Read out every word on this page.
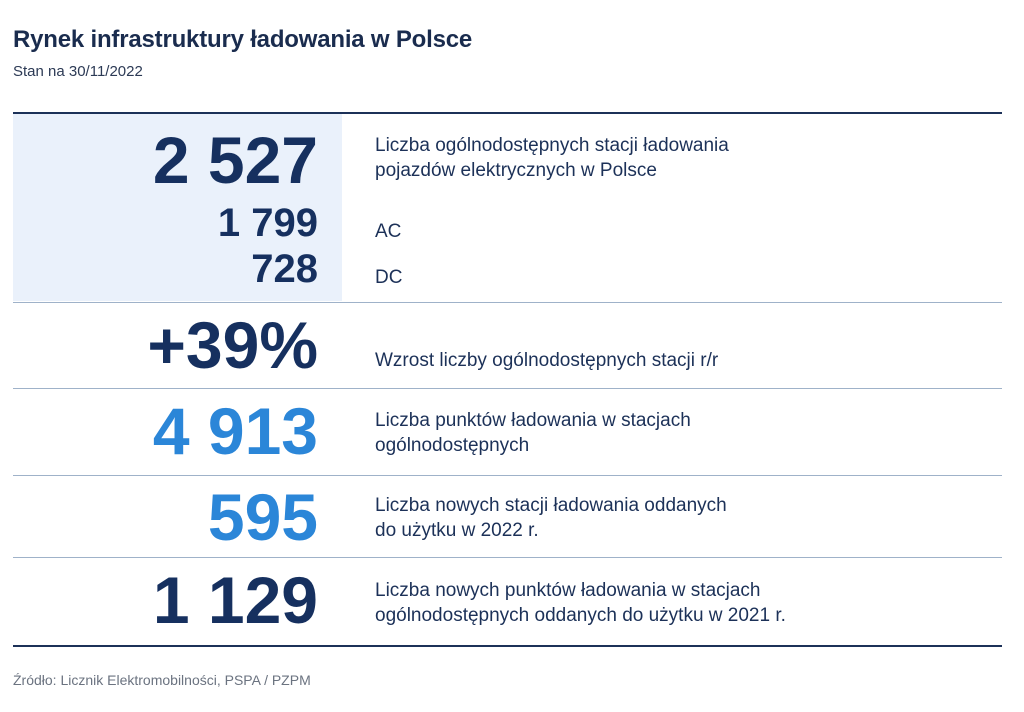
Rynek infrastruktury ładowania w Polsce
Stan na 30/11/2022
2 527	Liczba ogólnodostępnych stacji ładowania
pojazdów elektrycznych w Polsce
1 799	AC
728	DC
+39%	Wzrost liczby ogólnodostępnych stacji r/r
4 913	Liczba punktów ładowania w stacjach
ogólnodostępnych
595	Liczba nowych stacji ładowania oddanych
do użytku w 2022 r.
1 129	Liczba nowych punktów ładowania w stacjach
ogólnodostępnych oddanych do użytku w 2021 r.
Źródło: Licznik Elektromobilności, PSPA / PZPM
